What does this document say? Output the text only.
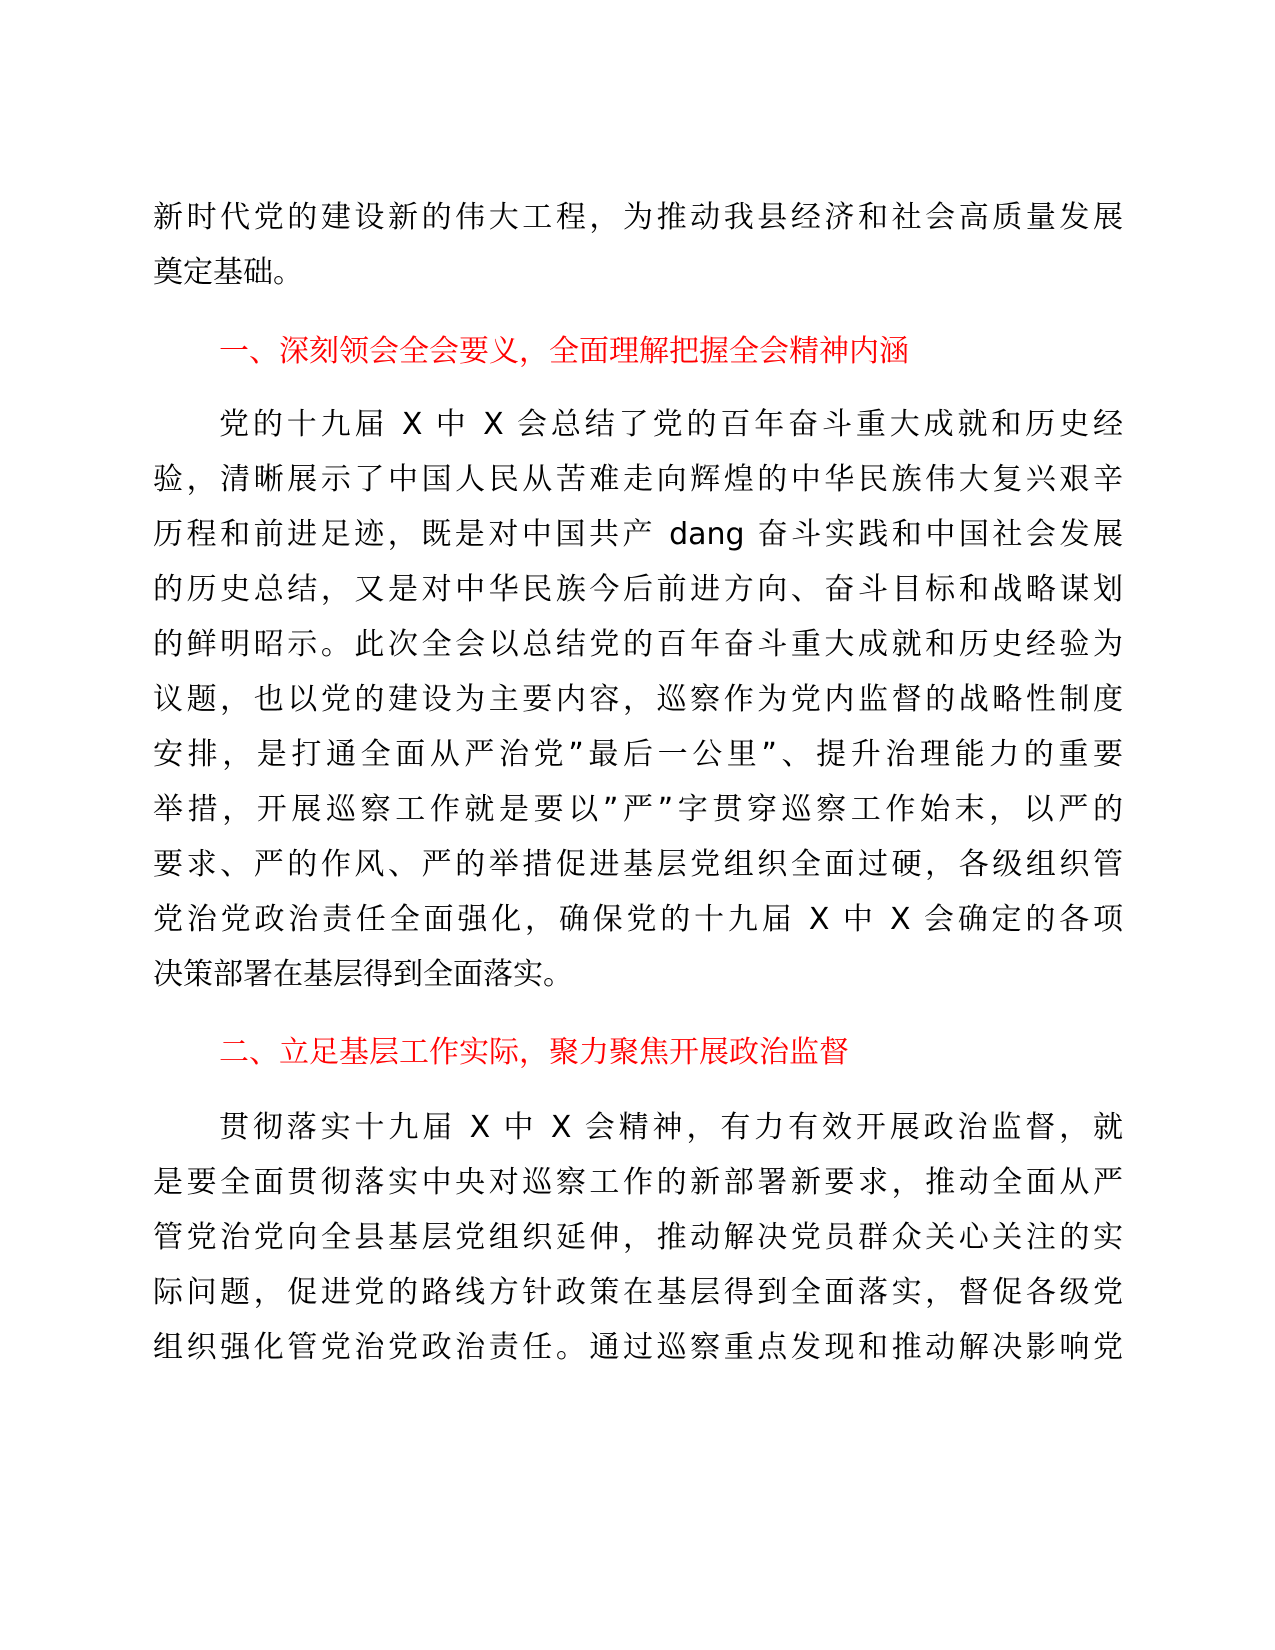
新时代党的建设新的伟大工程，为推动我县经济和社会高质量发展
奠定基础。
一、深刻领会全会要义，全面理解把握全会精神内涵
党的十九届 X 中 X 会总结了党的百年奋斗重大成就和历史经
验，清晰展示了中国人民从苦难走向辉煌的中华民族伟大复兴艰辛
历程和前进足迹，既是对中国共产 dang 奋斗实践和中国社会发展
的历史总结，又是对中华民族今后前进方向、奋斗目标和战略谋划
的鲜明昭示。此次全会以总结党的百年奋斗重大成就和历史经验为
议题，也以党的建设为主要内容，巡察作为党内监督的战略性制度
安排，是打通全面从严治党”最后一公里”、提升治理能力的重要
举措，开展巡察工作就是要以”严”字贯穿巡察工作始末，以严的
要求、严的作风、严的举措促进基层党组织全面过硬，各级组织管
党治党政治责任全面强化，确保党的十九届 X 中 X 会确定的各项
决策部署在基层得到全面落实。
二、立足基层工作实际，聚力聚焦开展政治监督
贯彻落实十九届 X 中 X 会精神，有力有效开展政治监督，就
是要全面贯彻落实中央对巡察工作的新部署新要求，推动全面从严
管党治党向全县基层党组织延伸，推动解决党员群众关心关注的实
际问题，促进党的路线方针政策在基层得到全面落实，督促各级党
组织强化管党治党政治责任。通过巡察重点发现和推动解决影响党
